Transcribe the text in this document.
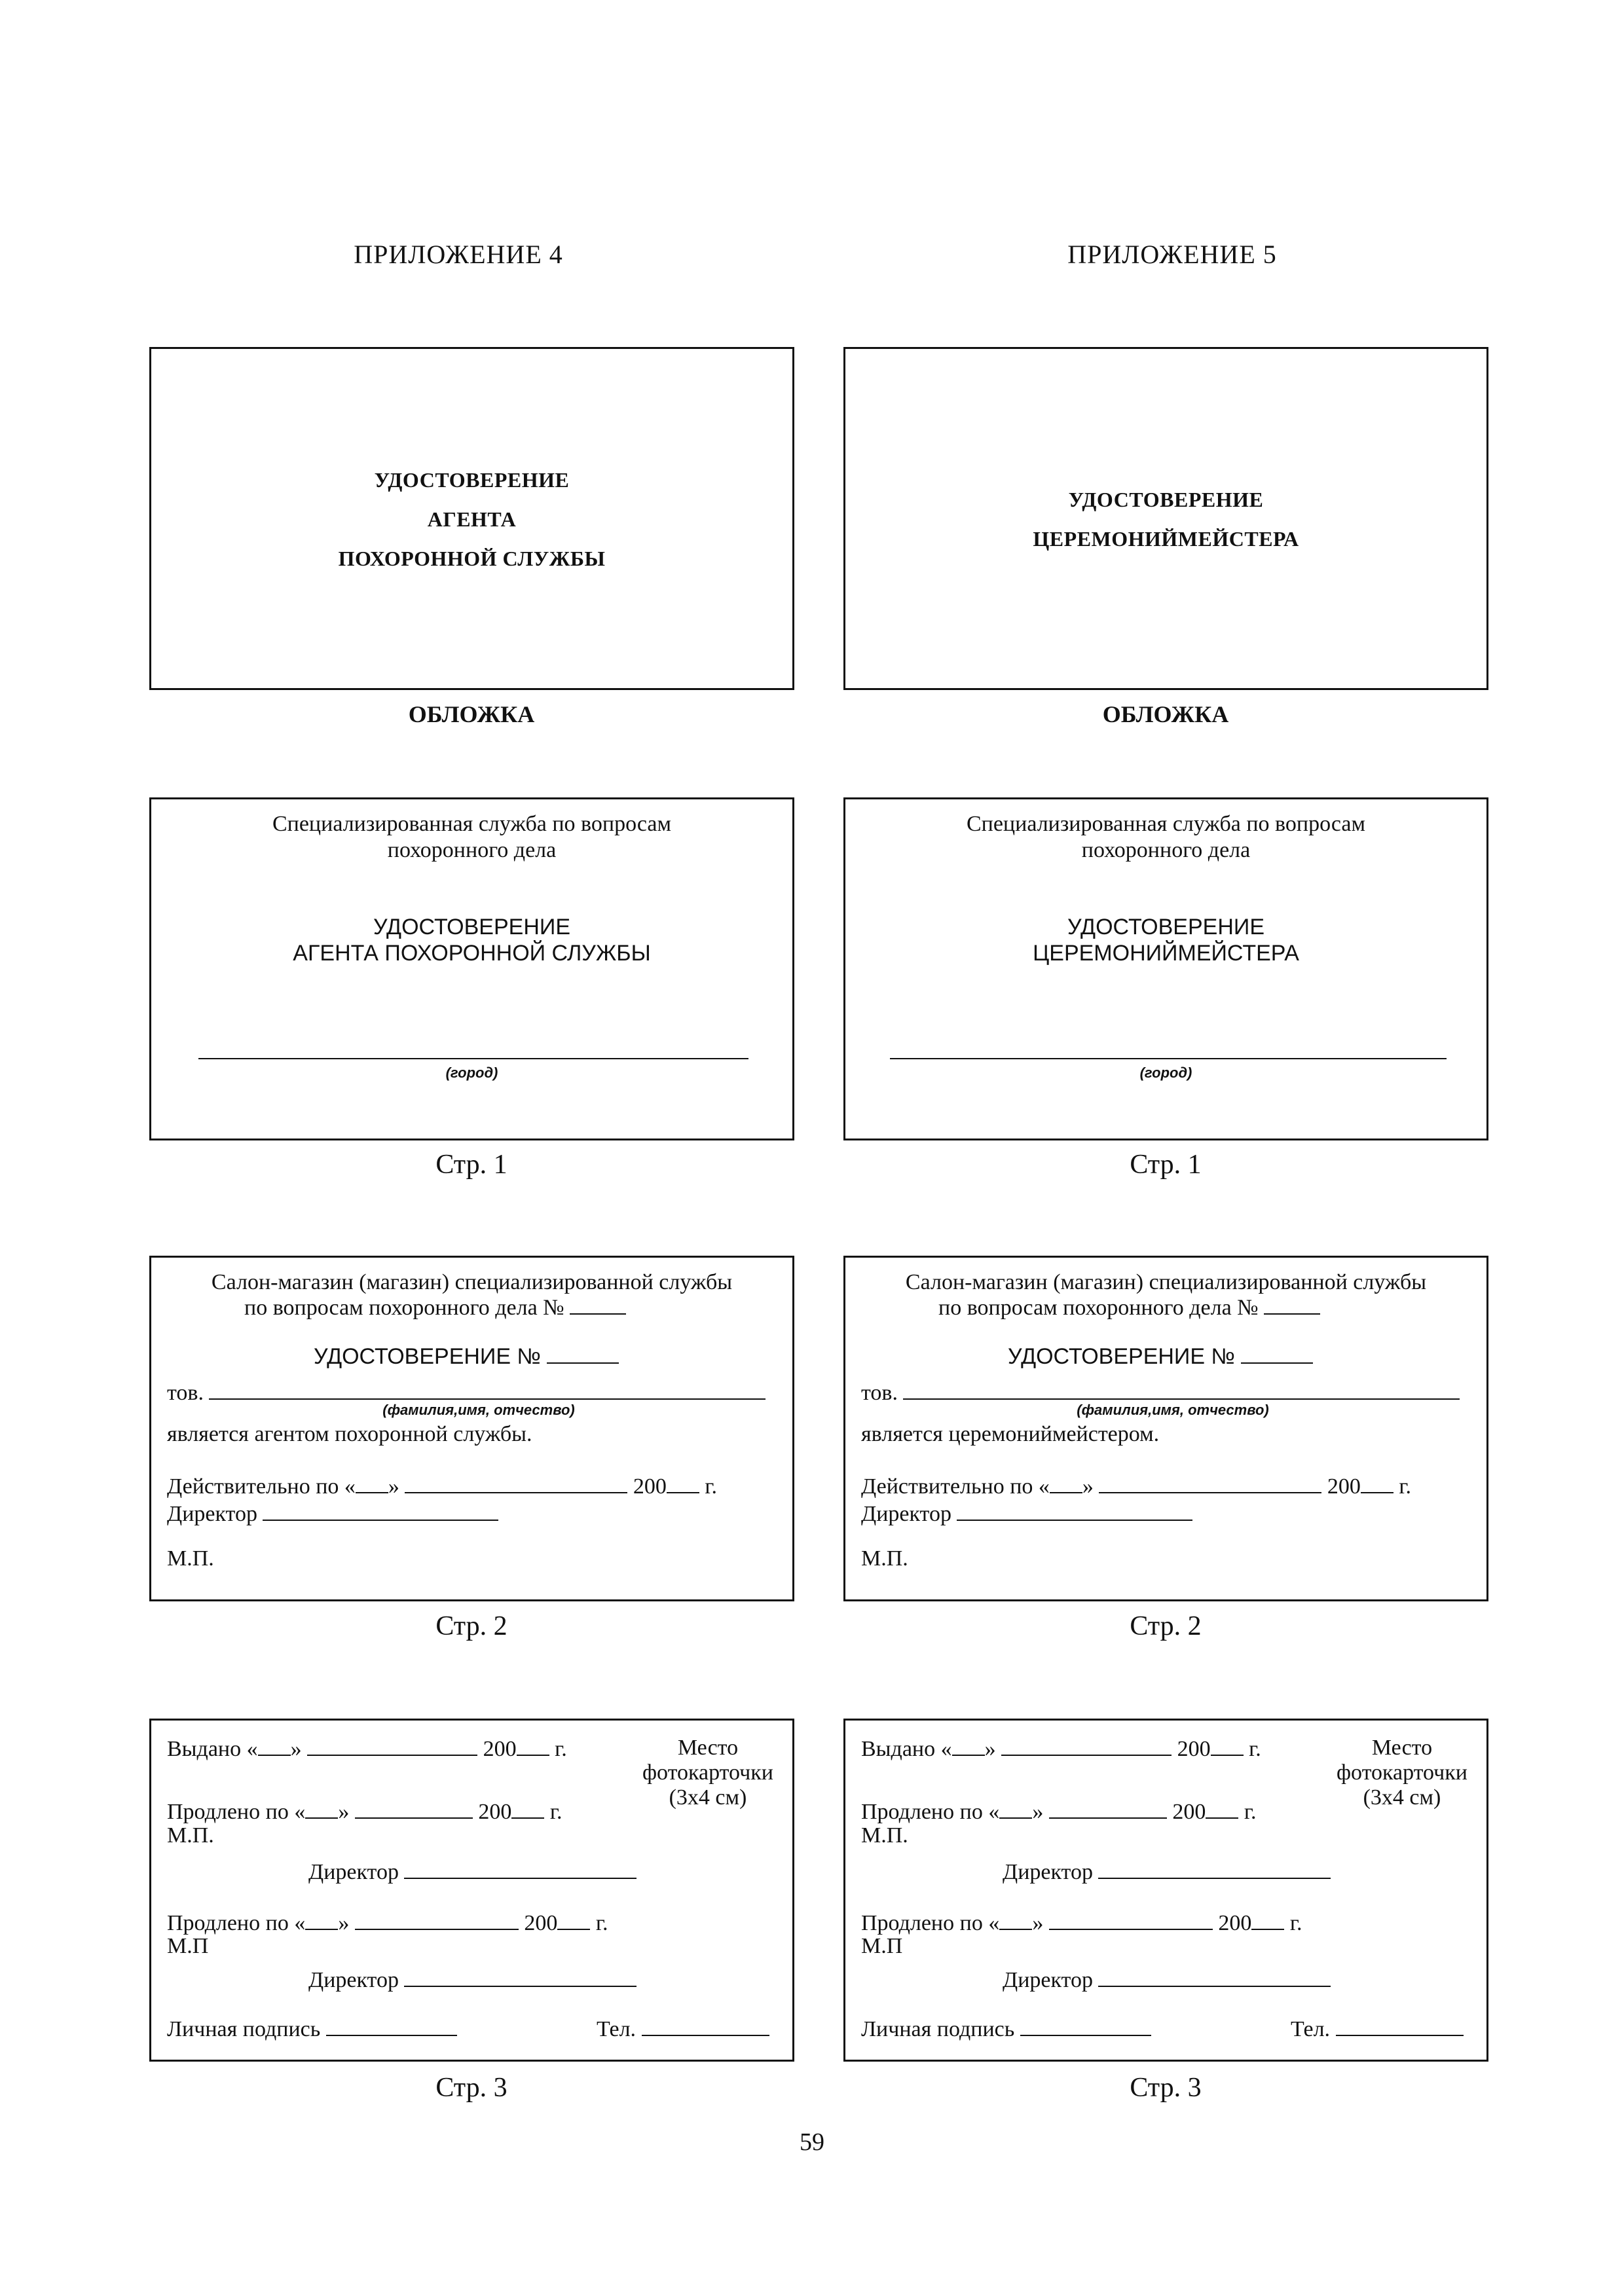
ПРИЛОЖЕНИЕ 4	ПРИЛОЖЕНИЕ 5
УДОСТОВЕРЕНИЕ
АГЕНТА
ПОХОРОННОЙ СЛУЖБЫ
ОБЛОЖКА
Специализированная служба по вопросам
похоронного дела
УДОСТОВЕРЕНИЕ
АГЕНТА ПОХОРОННОЙ СЛУЖБЫ
(город)
Стр. 1
Салон-магазин (магазин) специализированной службы
по вопросам похоронного дела №
УДОСТОВЕРЕНИЕ №
тов.
(фамилия,имя, отчество)
является агентом похоронной службы.
Действительно по « »	200 г.
Директор
М.П.
Стр. 2
Выдано « »	200 г.	Место
фотокарточки
(3х4 см)
Продлено по « »	200 г.
М.П.
Директор
Продлено по « »	200 г.
М.П
Директор
Личная подпись	Тел.
Стр. 3
УДОСТОВЕРЕНИЕ
ЦЕРЕМОНИЙМЕЙСТЕРА
ОБЛОЖКА
Специализированная служба по вопросам
похоронного дела
УДОСТОВЕРЕНИЕ
ЦЕРЕМОНИЙМЕЙСТЕРА
(город)
Стр. 1
Салон-магазин (магазин) специализированной службы
по вопросам похоронного дела №
УДОСТОВЕРЕНИЕ №
тов.
(фамилия,имя, отчество)
является церемониймейстером.
Действительно по « »	200 г.
Директор
М.П.
Стр. 2
Выдано « »	200 г.	Место
фотокарточки
(3х4 см)
Продлено по « »	200 г.
М.П.
Директор
Продлено по « »	200 г.
М.П
Директор
Личная подпись	Тел.
Стр. 3
59
